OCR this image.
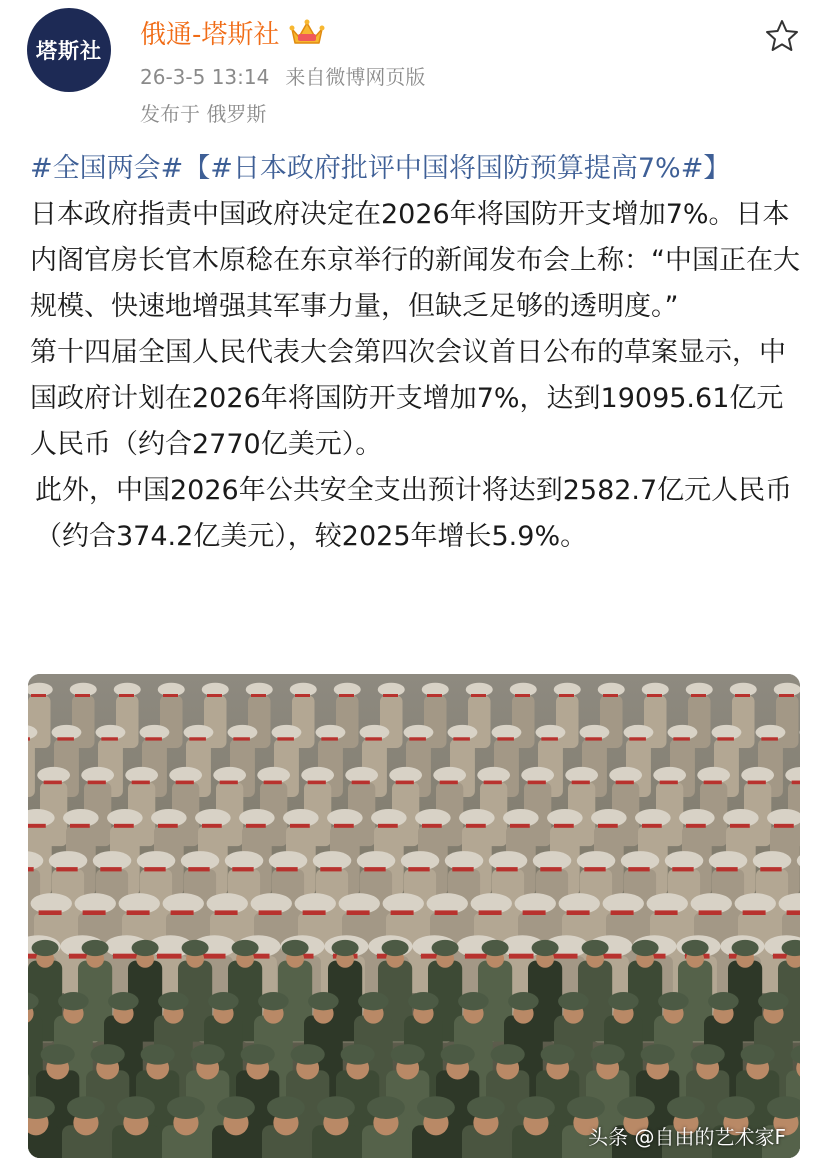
塔斯社
俄通-塔斯社
26-3-5 13:14 来自微博网页版
发布于 俄罗斯

#全国两会#【#日本政府批评中国将国防预算提高7%#】

日本政府指责中国政府决定在2026年将国防开支增加7%。日本内阁官房长官木原稔在东京举行的新闻发布会上称：“中国正在大规模、快速地增强其军事力量，但缺乏足够的透明度。”

第十四届全国人民代表大会第四次会议首日公布的草案显示，中国政府计划在2026年将国防开支增加7%，达到19095.61亿元人民币（约合2770亿美元）。

此外，中国2026年公共安全支出预计将达到2582.7亿元人民币（约合374.2亿美元），较2025年增长5.9%。

头条 @自由的艺术家F
